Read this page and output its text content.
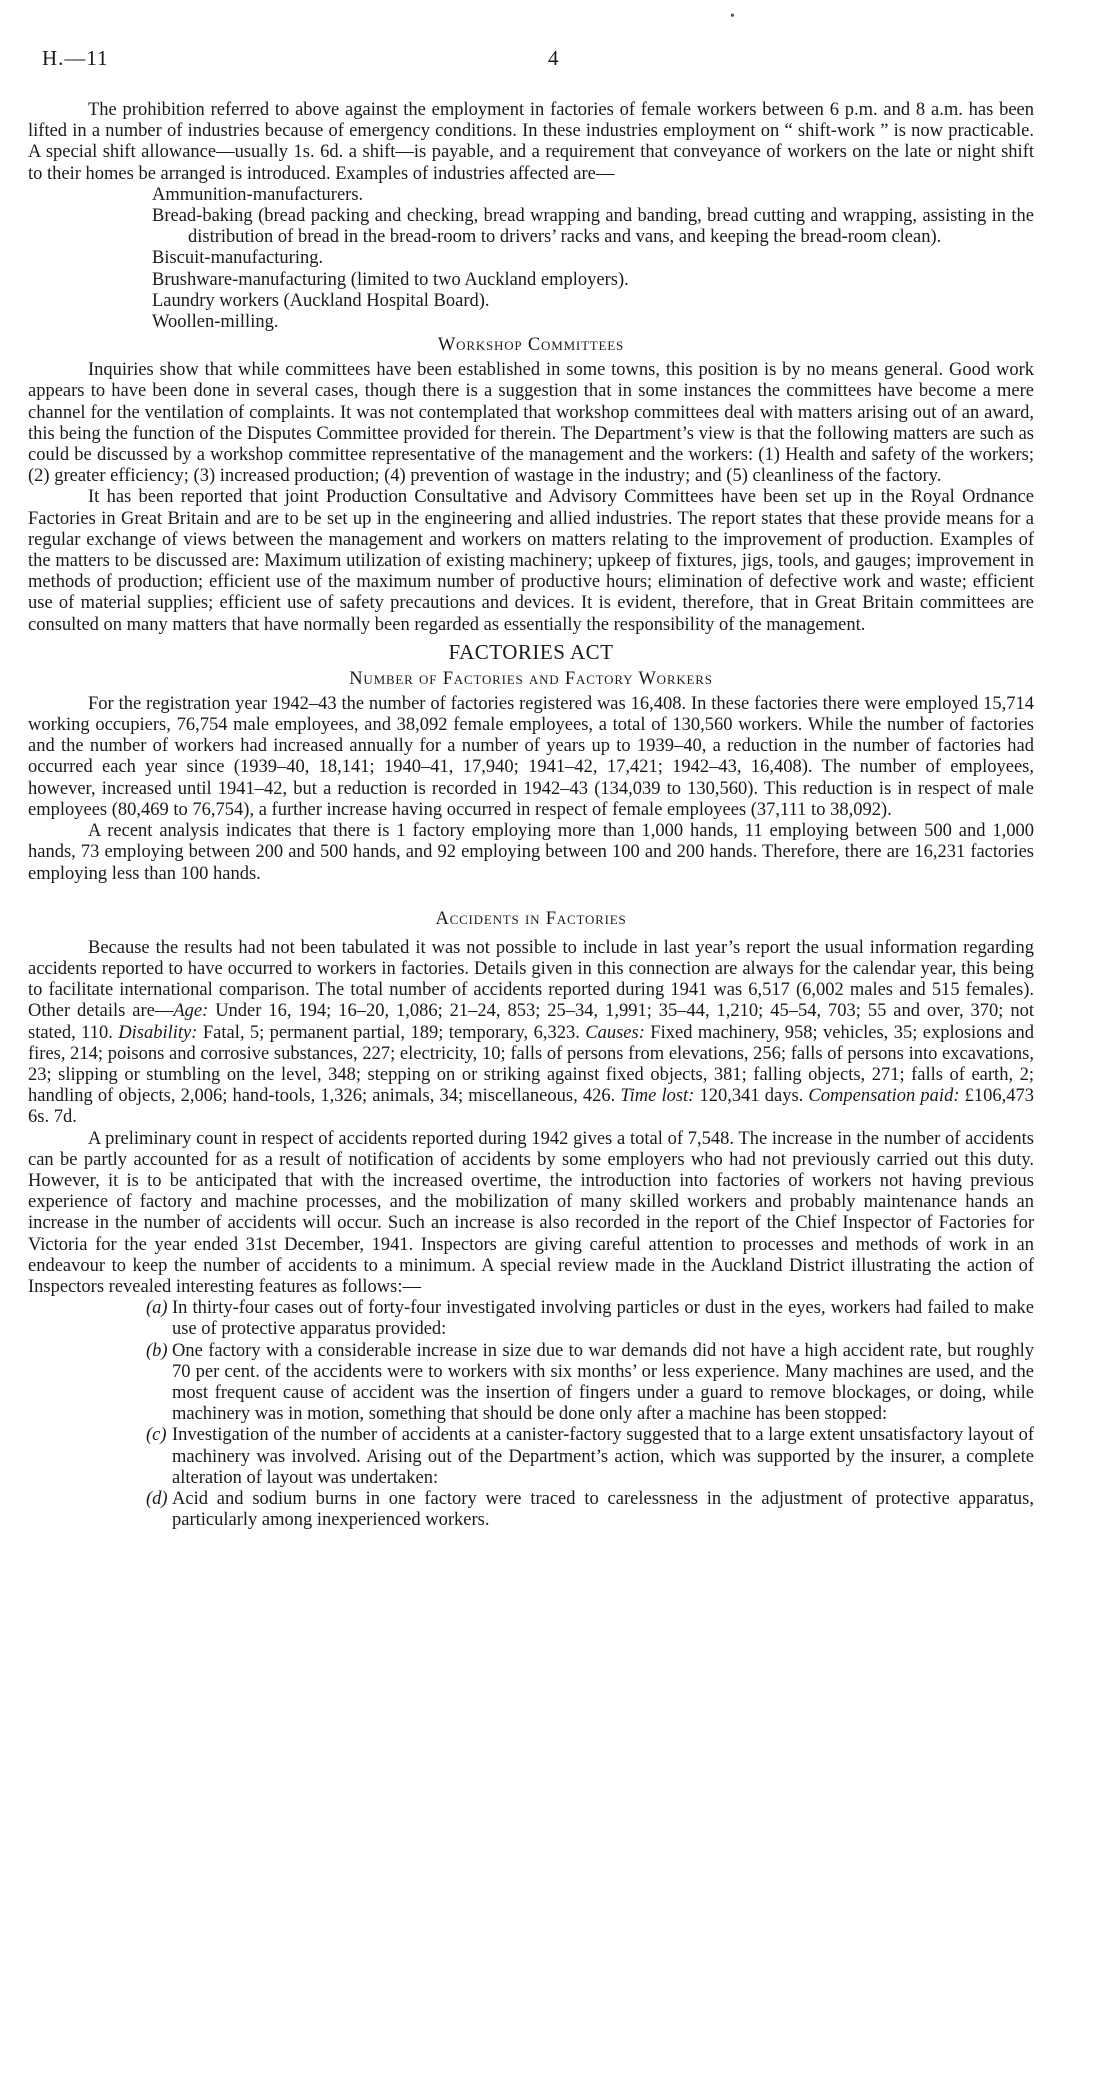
•
H.—11	4

The prohibition referred to above against the employment in factories of female workers between 6 p.m. and 8 a.m. has been lifted in a number of industries because of emergency conditions. In these industries employment on “ shift-work ” is now practicable. A special shift allowance—usually 1s. 6d. a shift—is payable, and a requirement that conveyance of workers on the late or night shift to their homes be arranged is introduced. Examples of industries affected are—

Ammunition-manufacturers.
Bread-baking (bread packing and checking, bread wrapping and banding, bread cutting and wrapping, assisting in the distribution of bread in the bread-room to drivers’ racks and vans, and keeping the bread-room clean).
Biscuit-manufacturing.
Brushware-manufacturing (limited to two Auckland employers).
Laundry workers (Auckland Hospital Board).
Woollen-milling.
Workshop Committees

Inquiries show that while committees have been established in some towns, this position is by no means general. Good work appears to have been done in several cases, though there is a suggestion that in some instances the committees have become a mere channel for the ventilation of complaints. It was not contemplated that workshop committees deal with matters arising out of an award, this being the function of the Disputes Committee provided for therein. The Department’s view is that the following matters are such as could be discussed by a workshop committee representative of the management and the workers: (1) Health and safety of the workers; (2) greater efficiency; (3) increased production; (4) prevention of wastage in the industry; and (5) cleanliness of the factory.

It has been reported that joint Production Consultative and Advisory Committees have been set up in the Royal Ordnance Factories in Great Britain and are to be set up in the engineering and allied industries. The report states that these provide means for a regular exchange of views between the management and workers on matters relating to the improvement of production. Examples of the matters to be discussed are: Maximum utilization of existing machinery; upkeep of fixtures, jigs, tools, and gauges; improvement in methods of production; efficient use of the maximum number of productive hours; elimination of defective work and waste; efficient use of material supplies; efficient use of safety precautions and devices. It is evident, therefore, that in Great Britain committees are consulted on many matters that have normally been regarded as essentially the responsibility of the management.

FACTORIES ACT
Number of Factories and Factory Workers

For the registration year 1942–43 the number of factories registered was 16,408. In these factories there were employed 15,714 working occupiers, 76,754 male employees, and 38,092 female employees, a total of 130,560 workers. While the number of factories and the number of workers had increased annually for a number of years up to 1939–40, a reduction in the number of factories had occurred each year since (1939–40, 18,141; 1940–41, 17,940; 1941–42, 17,421; 1942–43, 16,408). The number of employees, however, increased until 1941–42, but a reduction is recorded in 1942–43 (134,039 to 130,560). This reduction is in respect of male employees (80,469 to 76,754), a further increase having occurred in respect of female employees (37,111 to 38,092).

A recent analysis indicates that there is 1 factory employing more than 1,000 hands, 11 employing between 500 and 1,000 hands, 73 employing between 200 and 500 hands, and 92 employing between 100 and 200 hands. Therefore, there are 16,231 factories employing less than 100 hands.

Accidents in Factories

Because the results had not been tabulated it was not possible to include in last year’s report the usual information regarding accidents reported to have occurred to workers in factories. Details given in this connection are always for the calendar year, this being to facilitate international comparison. The total number of accidents reported during 1941 was 6,517 (6,002 males and 515 females). Other details are—Age: Under 16, 194; 16–20, 1,086; 21–24, 853; 25–34, 1,991; 35–44, 1,210; 45–54, 703; 55 and over, 370; not stated, 110. Disability: Fatal, 5; permanent partial, 189; temporary, 6,323. Causes: Fixed machinery, 958; vehicles, 35; explosions and fires, 214; poisons and corrosive substances, 227; electricity, 10; falls of persons from elevations, 256; falls of persons into excavations, 23; slipping or stumbling on the level, 348; stepping on or striking against fixed objects, 381; falling objects, 271; falls of earth, 2; handling of objects, 2,006; hand-tools, 1,326; animals, 34; miscellaneous, 426. Time lost: 120,341 days. Compensation paid: £106,473 6s. 7d.

A preliminary count in respect of accidents reported during 1942 gives a total of 7,548. The increase in the number of accidents can be partly accounted for as a result of notification of accidents by some employers who had not previously carried out this duty. However, it is to be anticipated that with the increased overtime, the introduction into factories of workers not having previous experience of factory and machine processes, and the mobilization of many skilled workers and probably maintenance hands an increase in the number of accidents will occur. Such an increase is also recorded in the report of the Chief Inspector of Factories for Victoria for the year ended 31st December, 1941. Inspectors are giving careful attention to processes and methods of work in an endeavour to keep the number of accidents to a minimum. A special review made in the Auckland District illustrating the action of Inspectors revealed interesting features as follows:—

(a) In thirty-four cases out of forty-four investigated involving particles or dust in the eyes, workers had failed to make use of protective apparatus provided:
(b) One factory with a considerable increase in size due to war demands did not have a high accident rate, but roughly 70 per cent. of the accidents were to workers with six months’ or less experience. Many machines are used, and the most frequent cause of accident was the insertion of fingers under a guard to remove blockages, or doing, while machinery was in motion, something that should be done only after a machine has been stopped:
(c) Investigation of the number of accidents at a canister-factory suggested that to a large extent unsatisfactory layout of machinery was involved. Arising out of the Department’s action, which was supported by the insurer, a complete alteration of layout was undertaken:
(d) Acid and sodium burns in one factory were traced to carelessness in the adjustment of protective apparatus, particularly among inexperienced workers.
